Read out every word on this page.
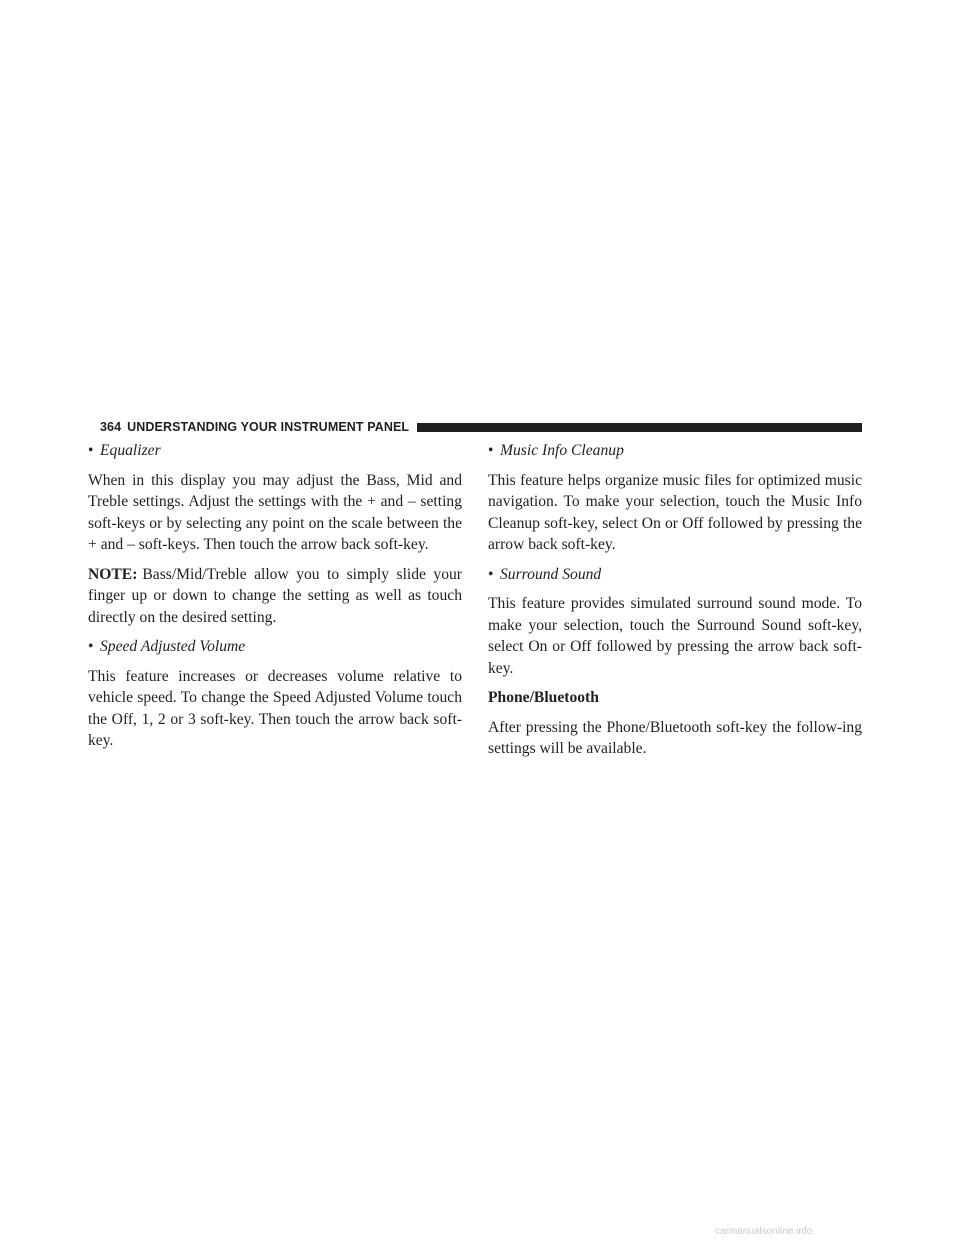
364 UNDERSTANDING YOUR INSTRUMENT PANEL
• Equalizer

When in this display you may adjust the Bass, Mid and Treble settings. Adjust the settings with the + and – setting soft-keys or by selecting any point on the scale between the + and – soft-keys. Then touch the arrow back soft-key.

NOTE: Bass/Mid/Treble allow you to simply slide your finger up or down to change the setting as well as touch directly on the desired setting.

• Speed Adjusted Volume

This feature increases or decreases volume relative to vehicle speed. To change the Speed Adjusted Volume touch the Off, 1, 2 or 3 soft-key. Then touch the arrow back soft-key.

• Music Info Cleanup

This feature helps organize music files for optimized music navigation. To make your selection, touch the Music Info Cleanup soft-key, select On or Off followed by pressing the arrow back soft-key.

• Surround Sound

This feature provides simulated surround sound mode. To make your selection, touch the Surround Sound soft-key, select On or Off followed by pressing the arrow back soft-key.

Phone/Bluetooth

After pressing the Phone/Bluetooth soft-key the follow-ing settings will be available.

carmanualsonline.info
